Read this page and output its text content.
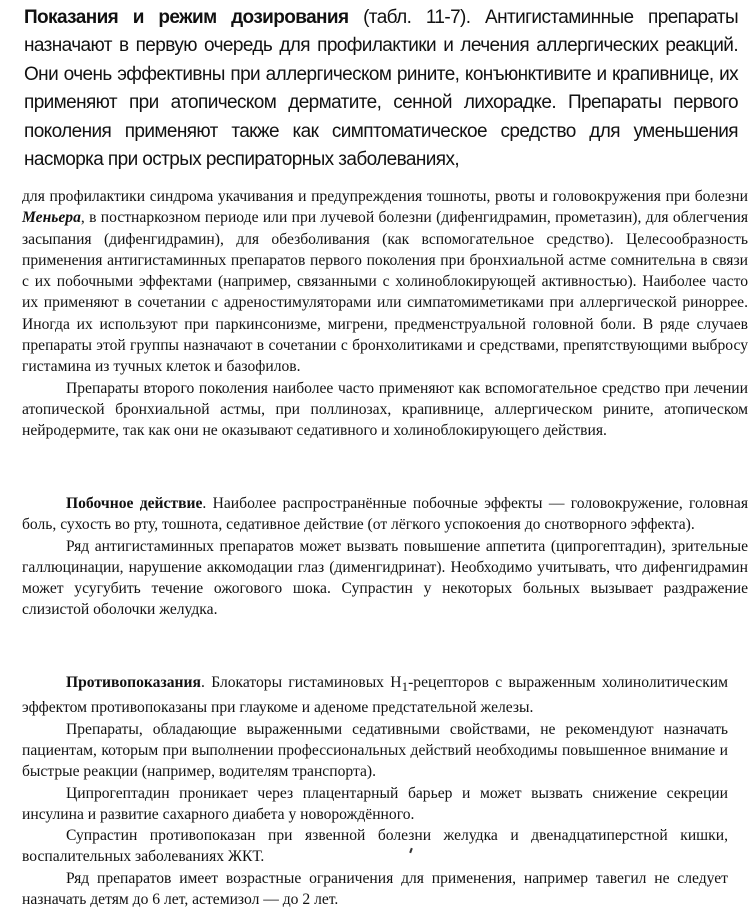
Показания и режим дозирования (табл. 11-7). Антигистаминные препараты назначают в первую очередь для профилактики и лечения аллергических реакций. Они очень эффективны при аллергическом рините, конъюнктивите и крапивнице, их применяют при атопическом дерматите, сенной лихорадке. Препараты первого поколения применяют также как симптоматическое средство для уменьшения насморка при острых респираторных заболеваниях,

для профилактики синдрома укачивания и предупреждения тошноты, рвоты и головокружения при болезни Меньера, в постнаркозном периоде или при лучевой болезни (дифенгидрамин, прометазин), для облегчения засыпания (дифенгидрамин), для обезболивания (как вспомогательное средство). Целесообразность применения антигистаминных препаратов первого поколения при бронхиальной астме сомнительна в связи с их побочными эффектами (например, связанными с холиноблокирующей активностью). Наиболее часто их применяют в сочетании с адреностимуляторами или симпатомиметиками при аллергической риноррее. Иногда их используют при паркинсонизме, мигрени, предменструальной головной боли. В ряде случаев препараты этой группы назначают в сочетании с бронхолитиками и средствами, препятствующими выбросу гистамина из тучных клеток и базофилов.

Препараты второго поколения наиболее часто применяют как вспомогательное средство при лечении атопической бронхиальной астмы, при поллинозах, крапивнице, аллергическом рините, атопическом нейродермите, так как они не оказывают седативного и холиноблокирующего действия.

Побочное действие. Наиболее распространённые побочные эффекты — головокружение, головная боль, сухость во рту, тошнота, седативное действие (от лёгкого успокоения до снотворного эффекта).

Ряд антигистаминных препаратов может вызвать повышение аппетита (ципрогептадин), зрительные галлюцинации, нарушение аккомодации глаз (дименгидринат). Необходимо учитывать, что дифенгидрамин может усугубить течение ожогового шока. Супрастин у некоторых больных вызывает раздражение слизистой оболочки желудка.

Противопоказания. Блокаторы гистаминовых $H_1$-рецепторов с выраженным холинолитическим эффектом противопоказаны при глаукоме и аденоме предстательной железы.

Препараты, обладающие выраженными седативными свойствами, не рекомендуют назначать пациентам, которым при выполнении профессиональных действий необходимы повышенное внимание и быстрые реакции (например, водителям транспорта).

Ципрогептадин проникает через плацентарный барьер и может вызвать снижение секреции инсулина и развитие сахарного диабета у новорождённого.

Супрастин противопоказан при язвенной болезни желудка и двенадцатиперстной кишки, воспалительных заболеваниях ЖКТ.

Ряд препаратов имеет возрастные ограничения для применения, например тавегил не следует назначать детям до 6 лет, астемизол — до 2 лет.
